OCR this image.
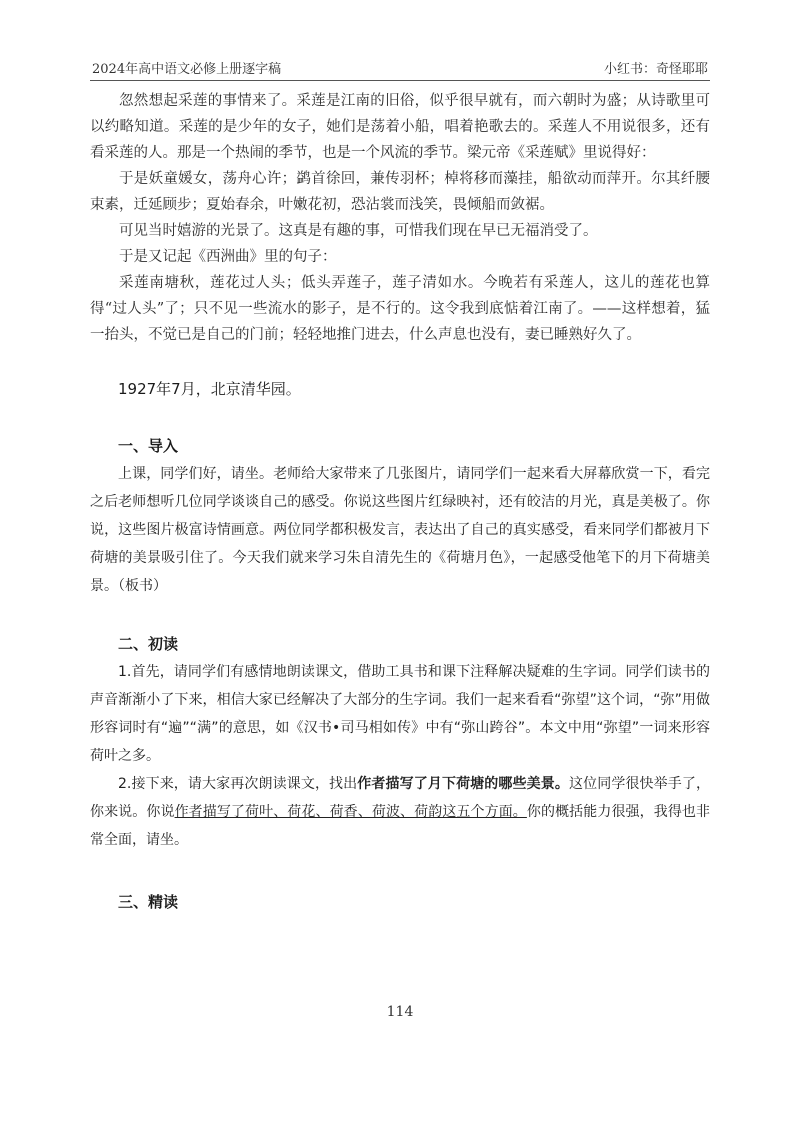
2024年高中语文必修上册逐字稿	小红书：奇怪耶耶

忽然想起采莲的事情来了。采莲是江南的旧俗，似乎很早就有，而六朝时为盛；从诗歌里可以约略知道。采莲的是少年的女子，她们是荡着小船，唱着艳歌去的。采莲人不用说很多，还有看采莲的人。那是一个热闹的季节，也是一个风流的季节。梁元帝《采莲赋》里说得好：

于是妖童媛女，荡舟心许；鹢首徐回，兼传羽杯；棹将移而藻挂，船欲动而萍开。尔其纤腰束素，迁延顾步；夏始春余，叶嫩花初，恐沾裳而浅笑，畏倾船而敛裾。

可见当时嬉游的光景了。这真是有趣的事，可惜我们现在早已无福消受了。

于是又记起《西洲曲》里的句子：

采莲南塘秋，莲花过人头；低头弄莲子，莲子清如水。今晚若有采莲人，这儿的莲花也算得“过人头”了；只不见一些流水的影子，是不行的。这令我到底惦着江南了。——这样想着，猛一抬头，不觉已是自己的门前；轻轻地推门进去，什么声息也没有，妻已睡熟好久了。

1927年7月，北京清华园。

一、导入

上课，同学们好，请坐。老师给大家带来了几张图片，请同学们一起来看大屏幕欣赏一下，看完之后老师想听几位同学谈谈自己的感受。你说这些图片红绿映衬，还有皎洁的月光，真是美极了。你说，这些图片极富诗情画意。两位同学都积极发言，表达出了自己的真实感受，看来同学们都被月下荷塘的美景吸引住了。今天我们就来学习朱自清先生的《荷塘月色》，一起感受他笔下的月下荷塘美景。（板书）

二、初读

1.首先，请同学们有感情地朗读课文，借助工具书和课下注释解决疑难的生字词。同学们读书的声音渐渐小了下来，相信大家已经解决了大部分的生字词。我们一起来看看“弥望”这个词，“弥”用做形容词时有“遍”“满”的意思，如《汉书•司马相如传》中有“弥山跨谷”。本文中用“弥望”一词来形容荷叶之多。

2.接下来，请大家再次朗读课文，找出作者描写了月下荷塘的哪些美景。这位同学很快举手了，你来说。你说作者描写了荷叶、荷花、荷香、荷波、荷韵这五个方面。你的概括能力很强，我得也非常全面，请坐。

三、精读

114
